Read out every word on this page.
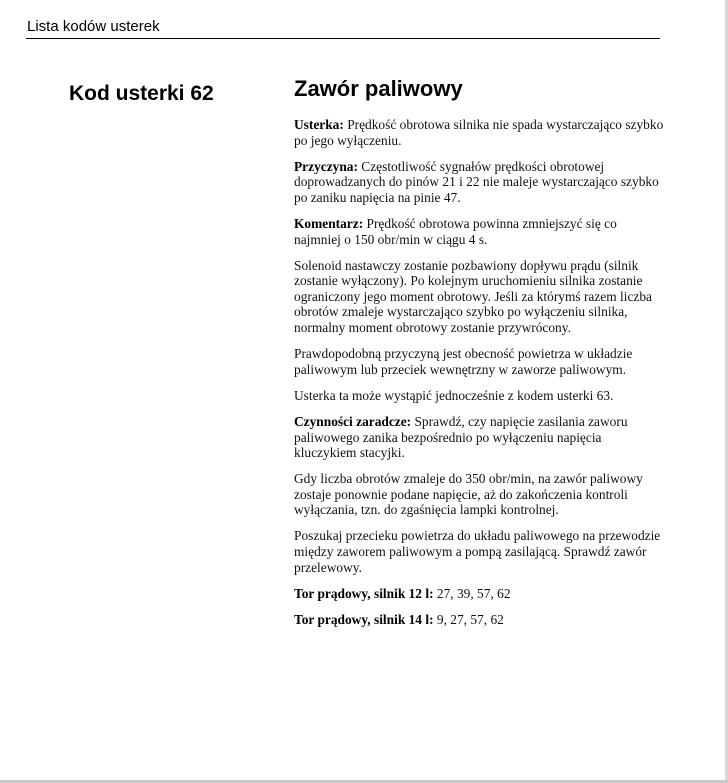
Lista kodów usterek
Kod usterki 62	Zawór paliwowy

Usterka: Prędkość obrotowa silnika nie spada wystarczająco szybko po jego wyłączeniu.

Przyczyna: Częstotliwość sygnałów prędkości obrotowej doprowadzanych do pinów 21 i 22 nie maleje wystarczająco szybko po zaniku napięcia na pinie 47.

Komentarz: Prędkość obrotowa powinna zmniejszyć się co najmniej o 150 obr/min w ciągu 4 s.

Solenoid nastawczy zostanie pozbawiony dopływu prądu (silnik zostanie wyłączony). Po kolejnym uruchomieniu silnika zostanie ograniczony jego moment obrotowy. Jeśli za którymś razem liczba obrotów zmaleje wystarczająco szybko po wyłączeniu silnika, normalny moment obrotowy zostanie przywrócony.

Prawdopodobną przyczyną jest obecność powietrza w układzie paliwowym lub przeciek wewnętrzny w zaworze paliwowym.

Usterka ta może wystąpić jednocześnie z kodem usterki 63.

Czynności zaradcze: Sprawdź, czy napięcie zasilania zaworu paliwowego zanika bezpośrednio po wyłączeniu napięcia kluczykiem stacyjki.

Gdy liczba obrotów zmaleje do 350 obr/min, na zawór paliwowy zostaje ponownie podane napięcie, aż do zakończenia kontroli wyłączania, tzn. do zgaśnięcia lampki kontrolnej.

Poszukaj przecieku powietrza do układu paliwowego na przewodzie między zaworem paliwowym a pompą zasilającą. Sprawdź zawór przelewowy.

Tor prądowy, silnik 12 l: 27, 39, 57, 62

Tor prądowy, silnik 14 l: 9, 27, 57, 62
